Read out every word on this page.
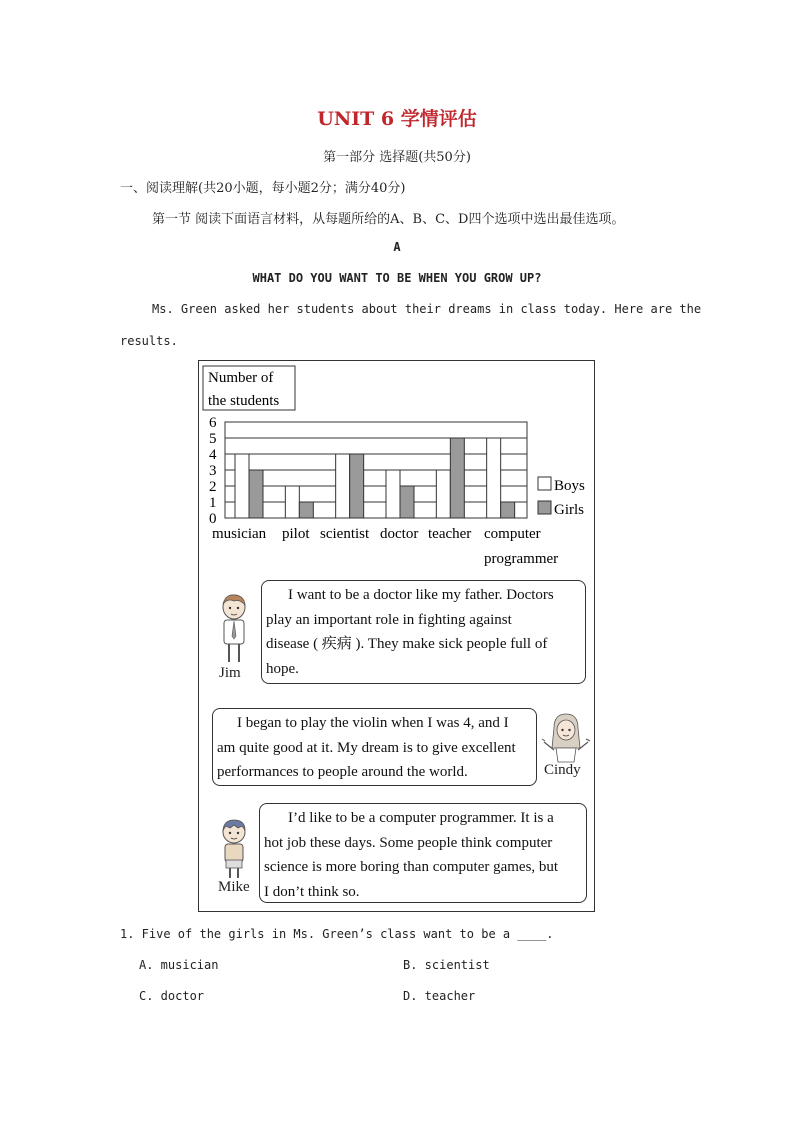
UNIT 6 学情评估
第一部分 选择题(共50分)
一、阅读理解(共20小题，每小题2分；满分40分)
第一节 阅读下面语言材料，从每题所给的A、B、C、D四个选项中选出最佳选项。
A
WHAT DO YOU WANT TO BE WHEN YOU GROW UP?
Ms. Green asked her students about their dreams in class today. Here are the
results.
Number of
the students
0
1
2
3
4
5
6
musician pilot scientist doctor teacher computer
programmer
Boys
Girls
Jim
I want to be a doctor like my father. Doctors
play an important role in fighting against
disease ( 疾病 ). They make sick people full of
hope.
I began to play the violin when I was 4, and I
am quite good at it. My dream is to give excellent
performances to people around the world.	Cindy
Mike
I’d like to be a computer programmer. It is a
hot job these days. Some people think computer
science is more boring than computer games, but
I don’t think so.
1. Five of the girls in Ms. Green’s class want to be a ____.
A. musician	B. scientist
C. doctor	D. teacher
